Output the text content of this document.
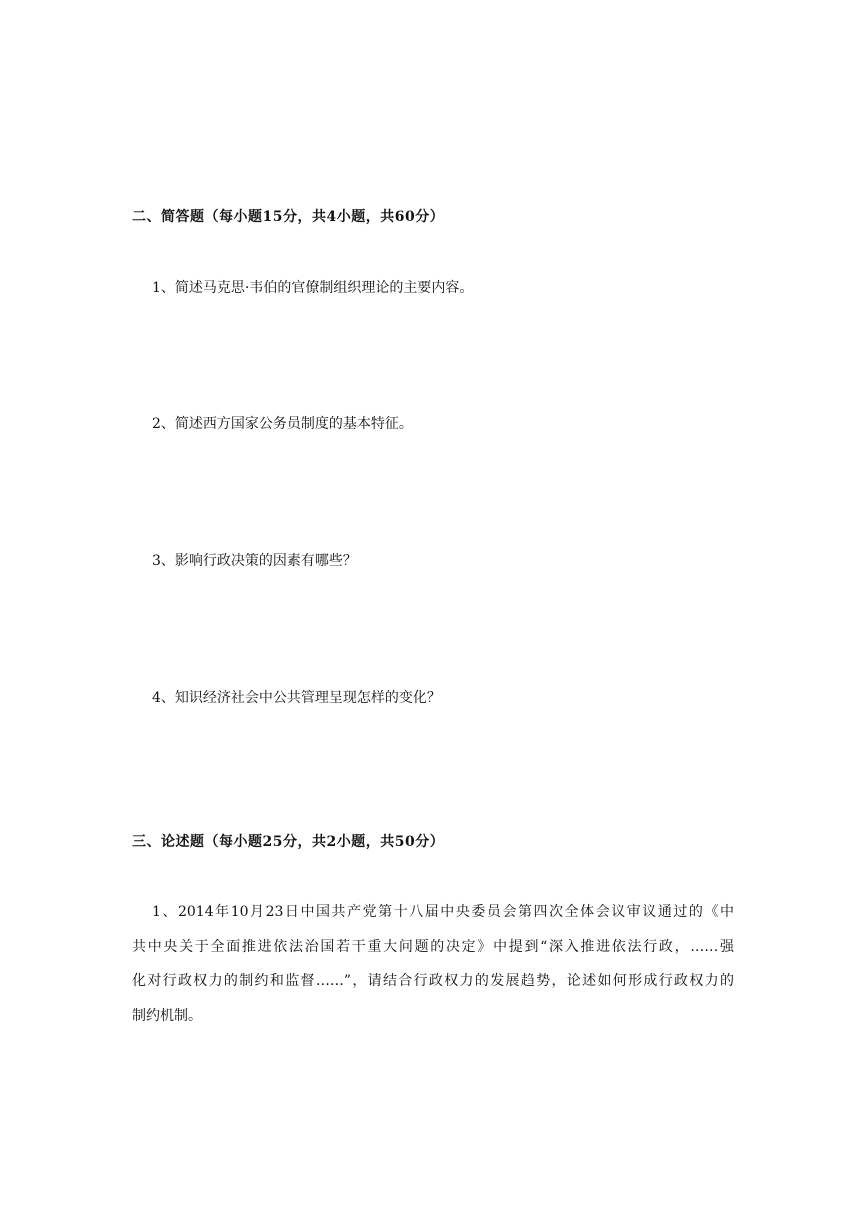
二、简答题（每小题15分，共4小题，共60分）
1、简述马克思·韦伯的官僚制组织理论的主要内容。
2、简述西方国家公务员制度的基本特征。
3、影响行政决策的因素有哪些？
4、知识经济社会中公共管理呈现怎样的变化？
三、论述题（每小题25分，共2小题，共50分）
1、2014年10月23日中国共产党第十八届中央委员会第四次全体会议审议通过的《中
共中央关于全面推进依法治国若干重大问题的决定》中提到“深入推进依法行政，……强
化对行政权力的制约和监督……”，请结合行政权力的发展趋势，论述如何形成行政权力的
制约机制。
